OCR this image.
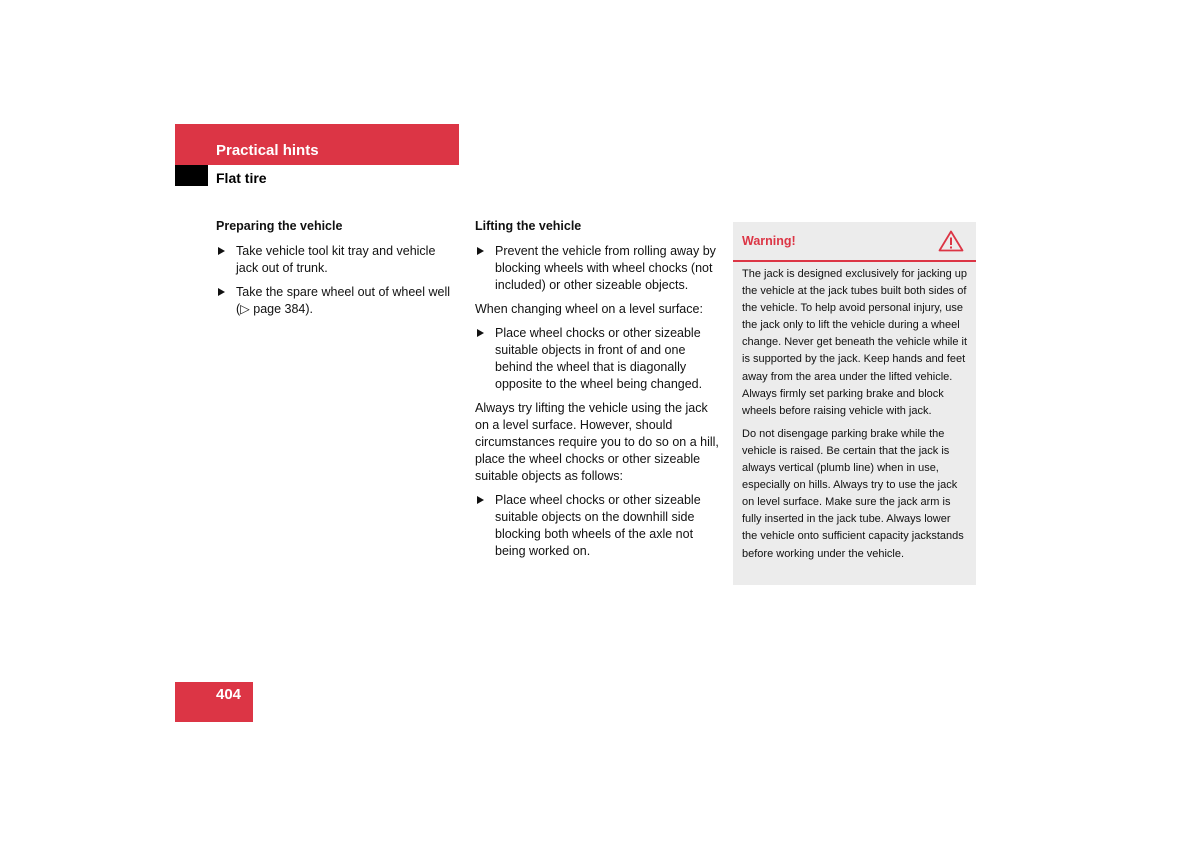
Practical hints
Flat tire
Preparing the vehicle
Take vehicle tool kit tray and vehicle jack out of trunk.
Take the spare wheel out of wheel well (▷ page 384).
Lifting the vehicle
Prevent the vehicle from rolling away by blocking wheels with wheel chocks (not included) or other sizeable objects.

When changing wheel on a level surface:

Place wheel chocks or other sizeable suitable objects in front of and one behind the wheel that is diagonally opposite to the wheel being changed.

Always try lifting the vehicle using the jack on a level surface. However, should circumstances require you to do so on a hill, place the wheel chocks or other sizeable suitable objects as follows:

Place wheel chocks or other sizeable suitable objects on the downhill side blocking both wheels of the axle not being worked on.

Warning!

The jack is designed exclusively for jacking up the vehicle at the jack tubes built both sides of the vehicle. To help avoid personal injury, use the jack only to lift the vehicle during a wheel change. Never get beneath the vehicle while it is supported by the jack. Keep hands and feet away from the area under the lifted vehicle. Always firmly set parking brake and block wheels before raising vehicle with jack.

Do not disengage parking brake while the vehicle is raised. Be certain that the jack is always vertical (plumb line) when in use, especially on hills. Always try to use the jack on level surface. Make sure the jack arm is fully inserted in the jack tube. Always lower the vehicle onto sufficient capacity jackstands before working under the vehicle.

404
